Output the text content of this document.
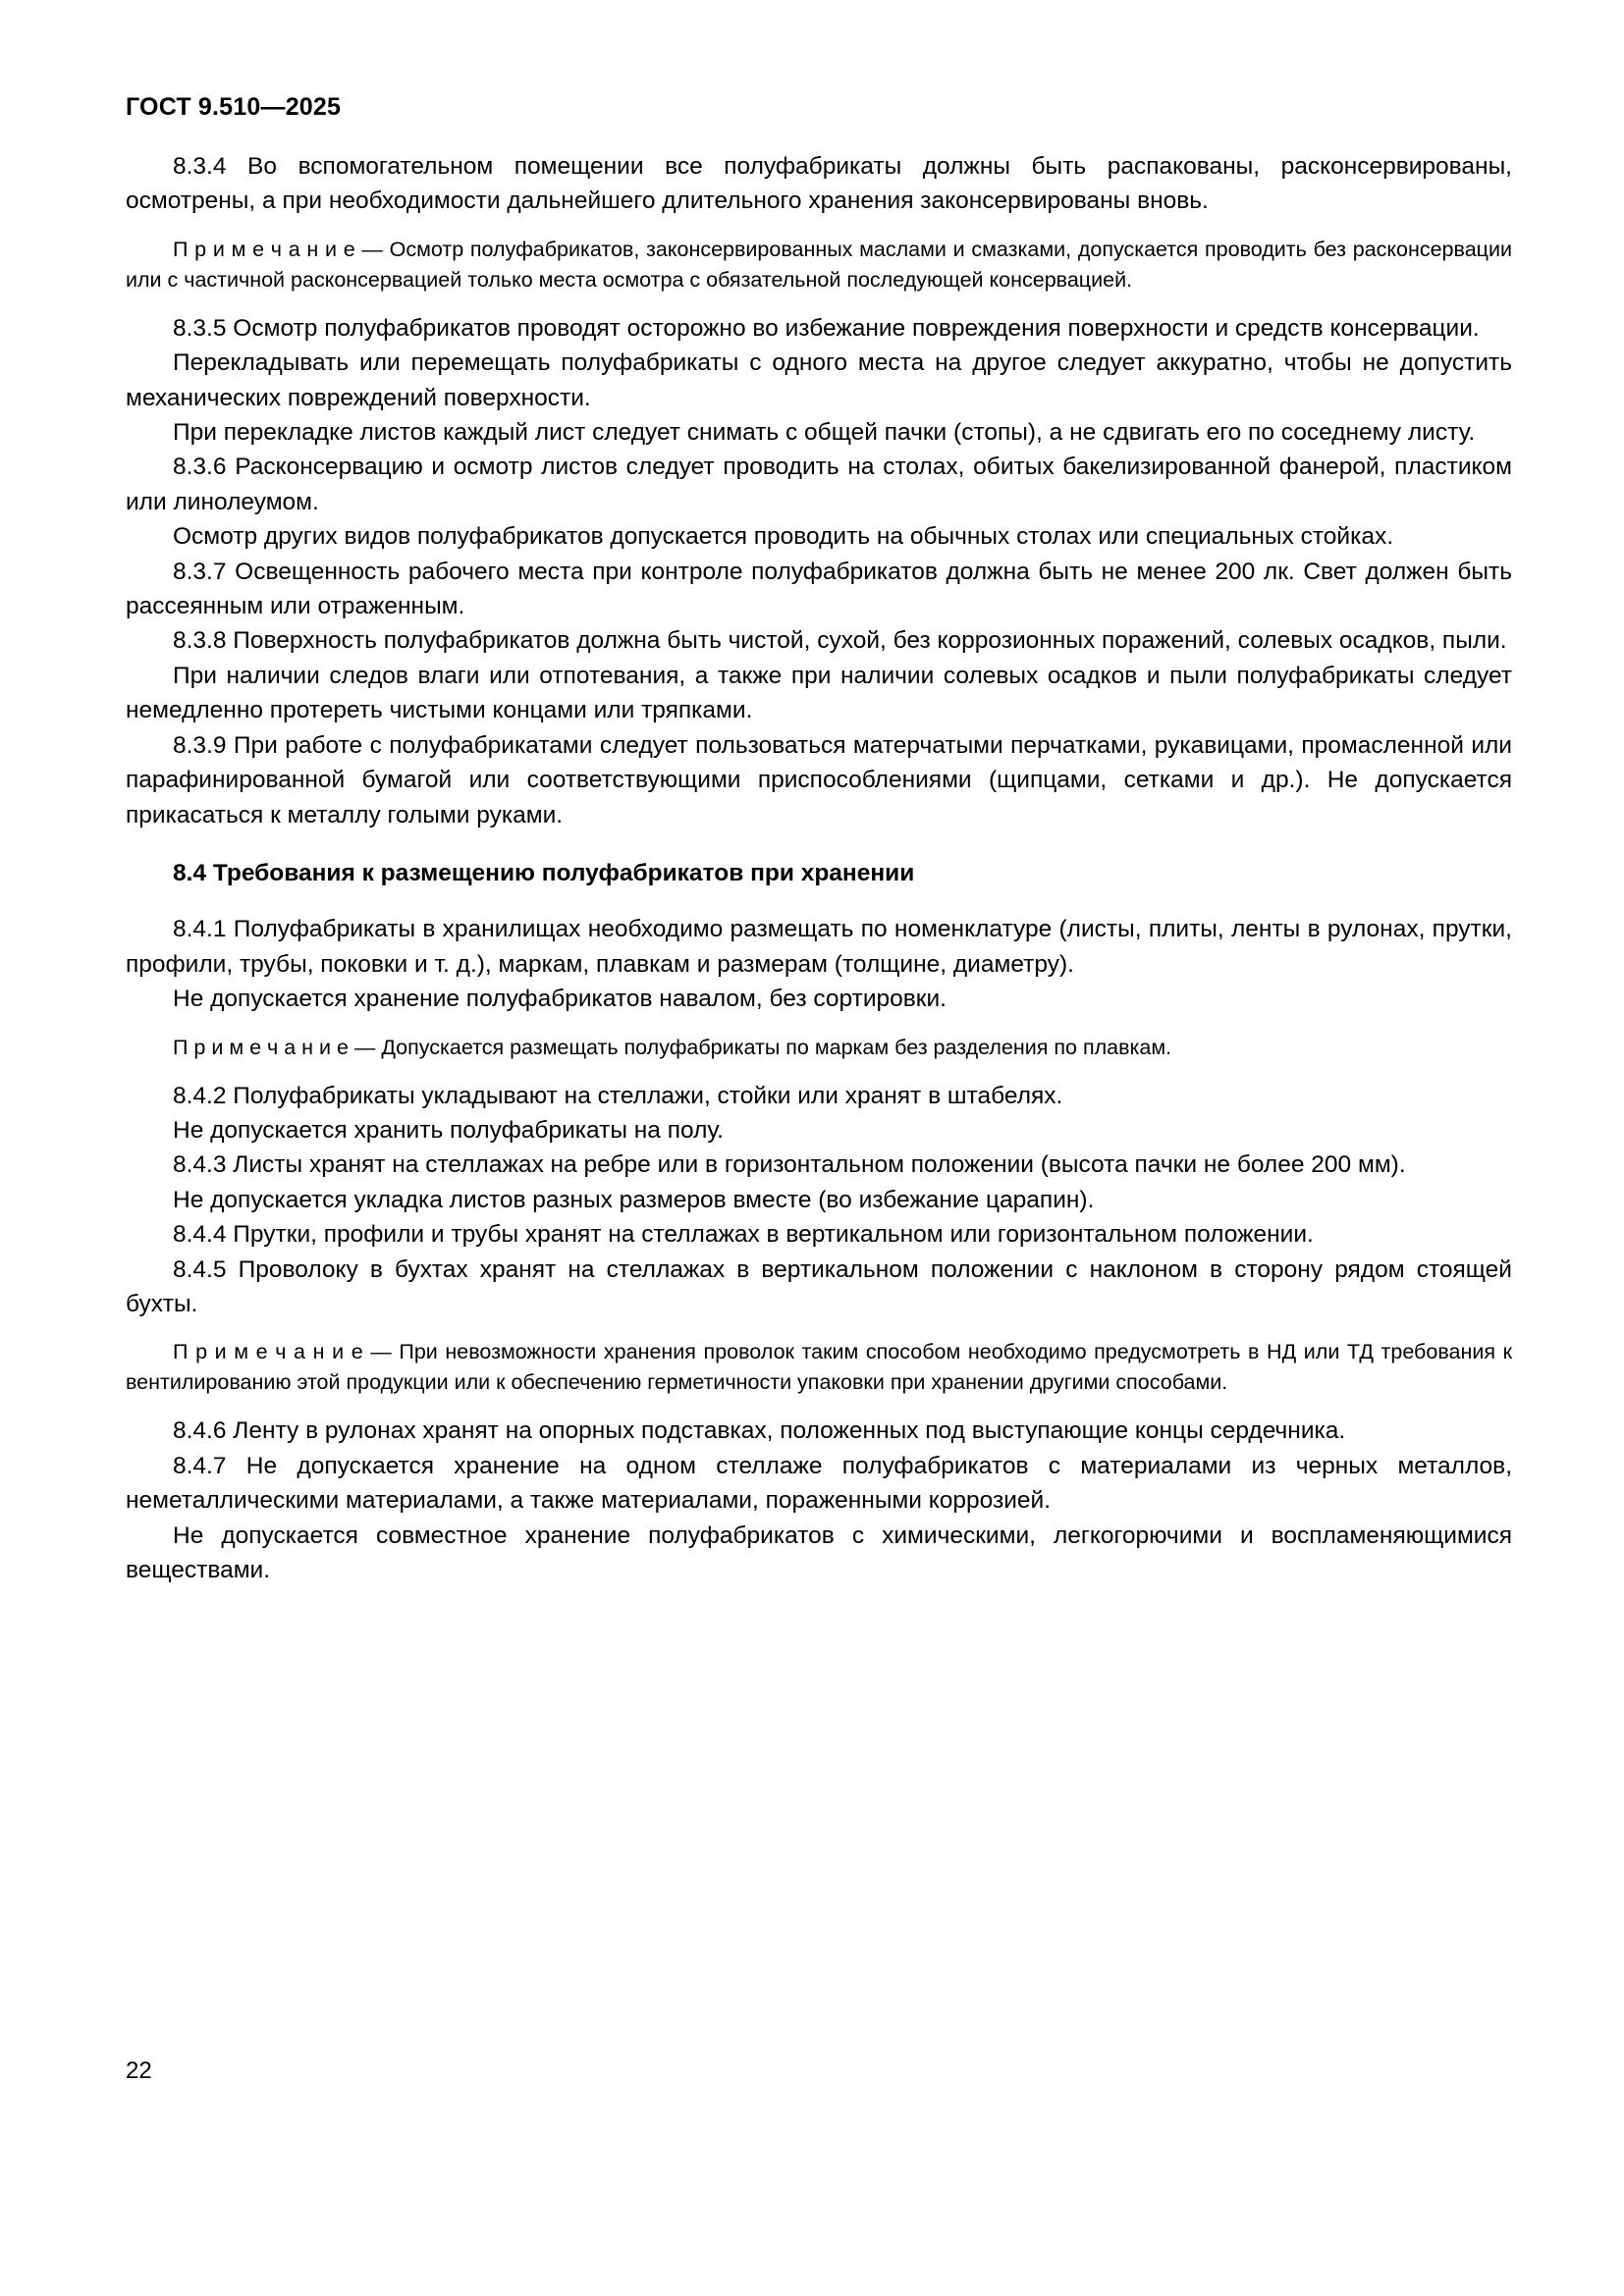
ГОСТ 9.510—2025

8.3.4 Во вспомогательном помещении все полуфабрикаты должны быть распакованы, расконсервированы, осмотрены, а при необходимости дальнейшего длительного хранения законсервированы вновь.

П р и м е ч а н и е — Осмотр полуфабрикатов, законсервированных маслами и смазками, допускается проводить без расконсервации или с частичной расконсервацией только места осмотра с обязательной последующей консервацией.

8.3.5 Осмотр полуфабрикатов проводят осторожно во избежание повреждения поверхности и средств консервации.

Перекладывать или перемещать полуфабрикаты с одного места на другое следует аккуратно, чтобы не допустить механических повреждений поверхности.

При перекладке листов каждый лист следует снимать с общей пачки (стопы), а не сдвигать его по соседнему листу.

8.3.6 Расконсервацию и осмотр листов следует проводить на столах, обитых бакелизированной фанерой, пластиком или линолеумом.

Осмотр других видов полуфабрикатов допускается проводить на обычных столах или специальных стойках.

8.3.7 Освещенность рабочего места при контроле полуфабрикатов должна быть не менее 200 лк. Свет должен быть рассеянным или отраженным.

8.3.8 Поверхность полуфабрикатов должна быть чистой, сухой, без коррозионных поражений, солевых осадков, пыли.

При наличии следов влаги или отпотевания, а также при наличии солевых осадков и пыли полуфабрикаты следует немедленно протереть чистыми концами или тряпками.

8.3.9 При работе с полуфабрикатами следует пользоваться матерчатыми перчатками, рукавицами, промасленной или парафинированной бумагой или соответствующими приспособлениями (щипцами, сетками и др.). Не допускается прикасаться к металлу голыми руками.

8.4 Требования к размещению полуфабрикатов при хранении

8.4.1 Полуфабрикаты в хранилищах необходимо размещать по номенклатуре (листы, плиты, ленты в рулонах, прутки, профили, трубы, поковки и т. д.), маркам, плавкам и размерам (толщине, диаметру).

Не допускается хранение полуфабрикатов навалом, без сортировки.

П р и м е ч а н и е — Допускается размещать полуфабрикаты по маркам без разделения по плавкам.

8.4.2 Полуфабрикаты укладывают на стеллажи, стойки или хранят в штабелях.

Не допускается хранить полуфабрикаты на полу.

8.4.3 Листы хранят на стеллажах на ребре или в горизонтальном положении (высота пачки не более 200 мм).

Не допускается укладка листов разных размеров вместе (во избежание царапин).

8.4.4 Прутки, профили и трубы хранят на стеллажах в вертикальном или горизонтальном положении.

8.4.5 Проволоку в бухтах хранят на стеллажах в вертикальном положении с наклоном в сторону рядом стоящей бухты.

П р и м е ч а н и е — При невозможности хранения проволок таким способом необходимо предусмотреть в НД или ТД требования к вентилированию этой продукции или к обеспечению герметичности упаковки при хранении другими способами.

8.4.6 Ленту в рулонах хранят на опорных подставках, положенных под выступающие концы сердечника.

8.4.7 Не допускается хранение на одном стеллаже полуфабрикатов с материалами из черных металлов, неметаллическими материалами, а также материалами, пораженными коррозией.

Не допускается совместное хранение полуфабрикатов с химическими, легкогорючими и воспламеняющимися веществами.

22
